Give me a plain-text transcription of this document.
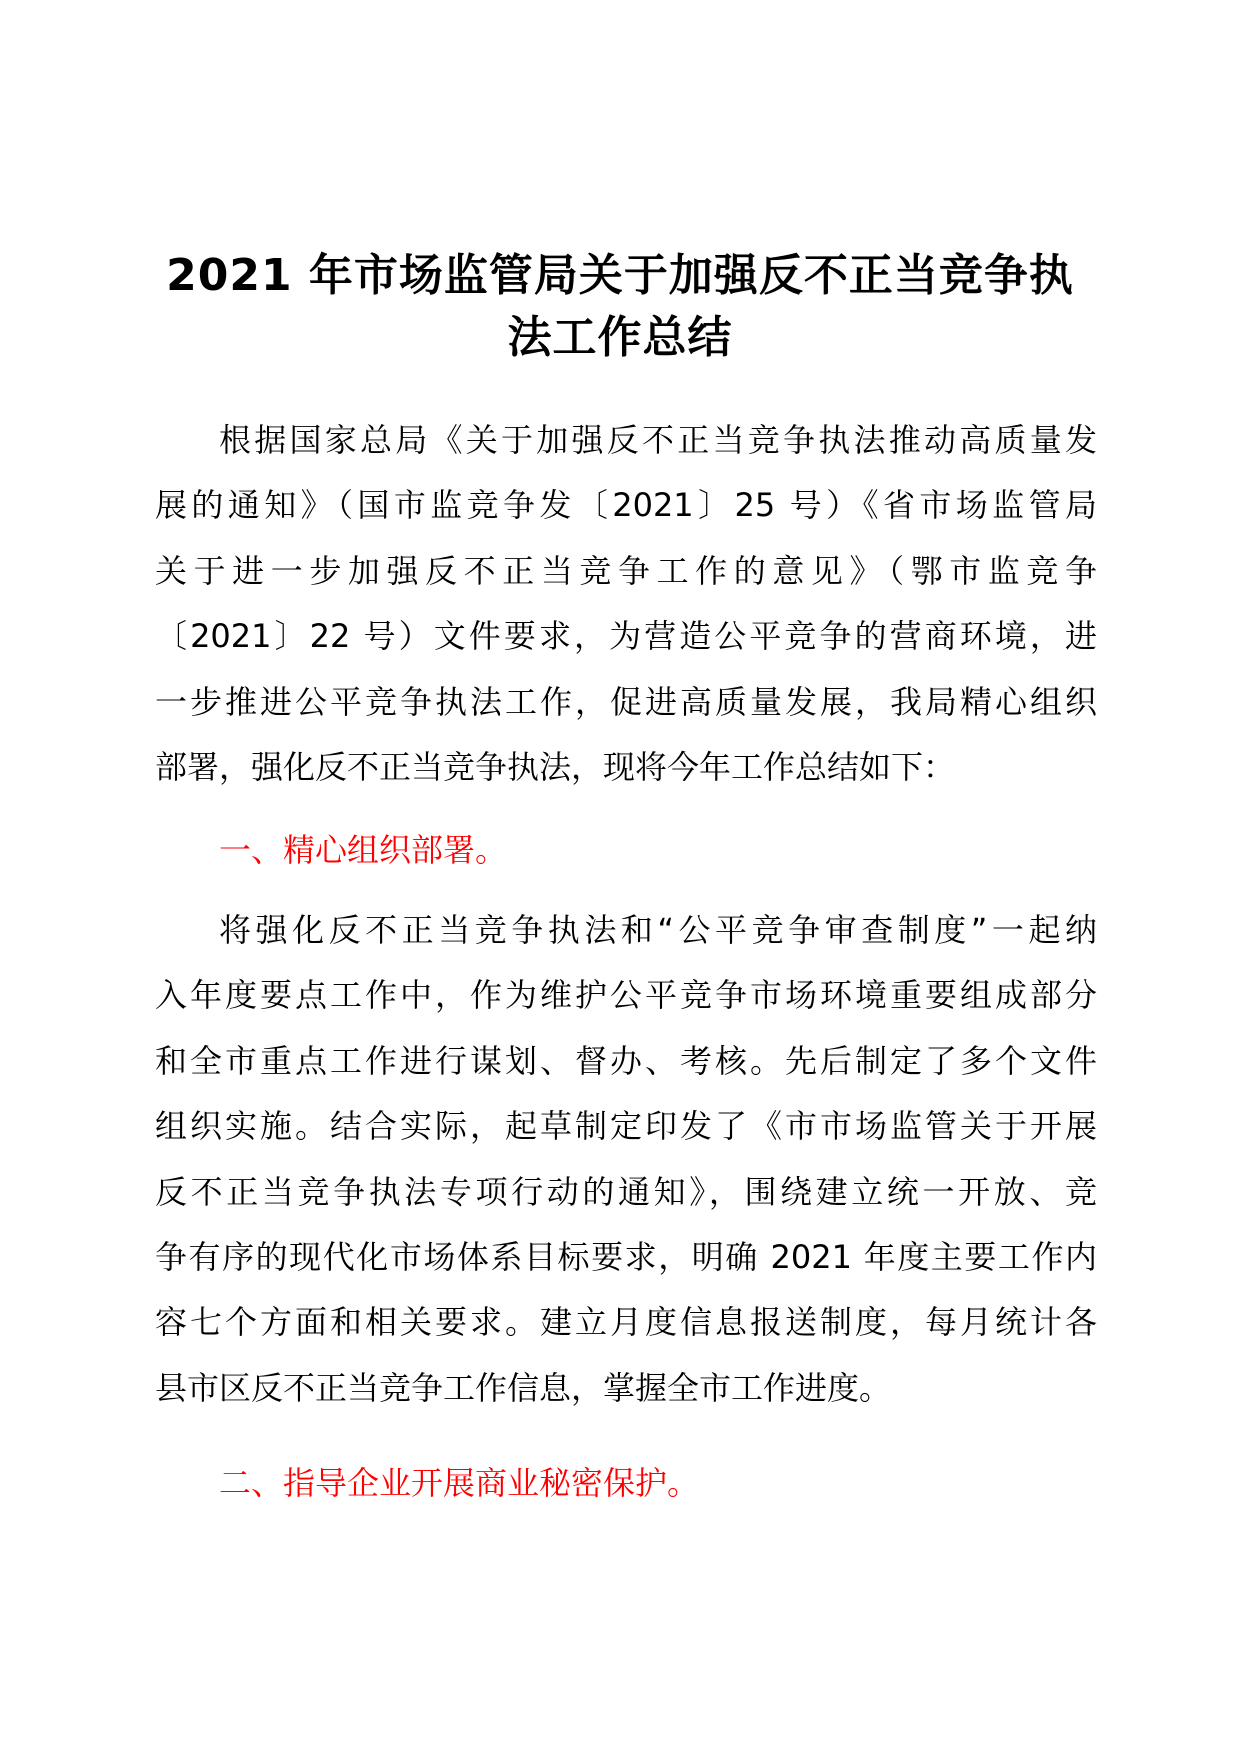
2021 年市场监管局关于加强反不正当竞争执
法工作总结
根据国家总局《关于加强反不正当竞争执法推动高质量发
展的通知》（国市监竞争发〔2021〕25 号）《省市场监管局
关于进一步加强反不正当竞争工作的意见》（鄂市监竞争
〔2021〕22 号）文件要求，为营造公平竞争的营商环境，进
一步推进公平竞争执法工作，促进高质量发展，我局精心组织
部署，强化反不正当竞争执法，现将今年工作总结如下：
一、精心组织部署。
将强化反不正当竞争执法和“公平竞争审查制度”一起纳
入年度要点工作中，作为维护公平竞争市场环境重要组成部分
和全市重点工作进行谋划、督办、考核。先后制定了多个文件
组织实施。结合实际，起草制定印发了《市市场监管关于开展
反不正当竞争执法专项行动的通知》，围绕建立统一开放、竞
争有序的现代化市场体系目标要求，明确 2021 年度主要工作内
容七个方面和相关要求。建立月度信息报送制度，每月统计各
县市区反不正当竞争工作信息，掌握全市工作进度。
二、指导企业开展商业秘密保护。
